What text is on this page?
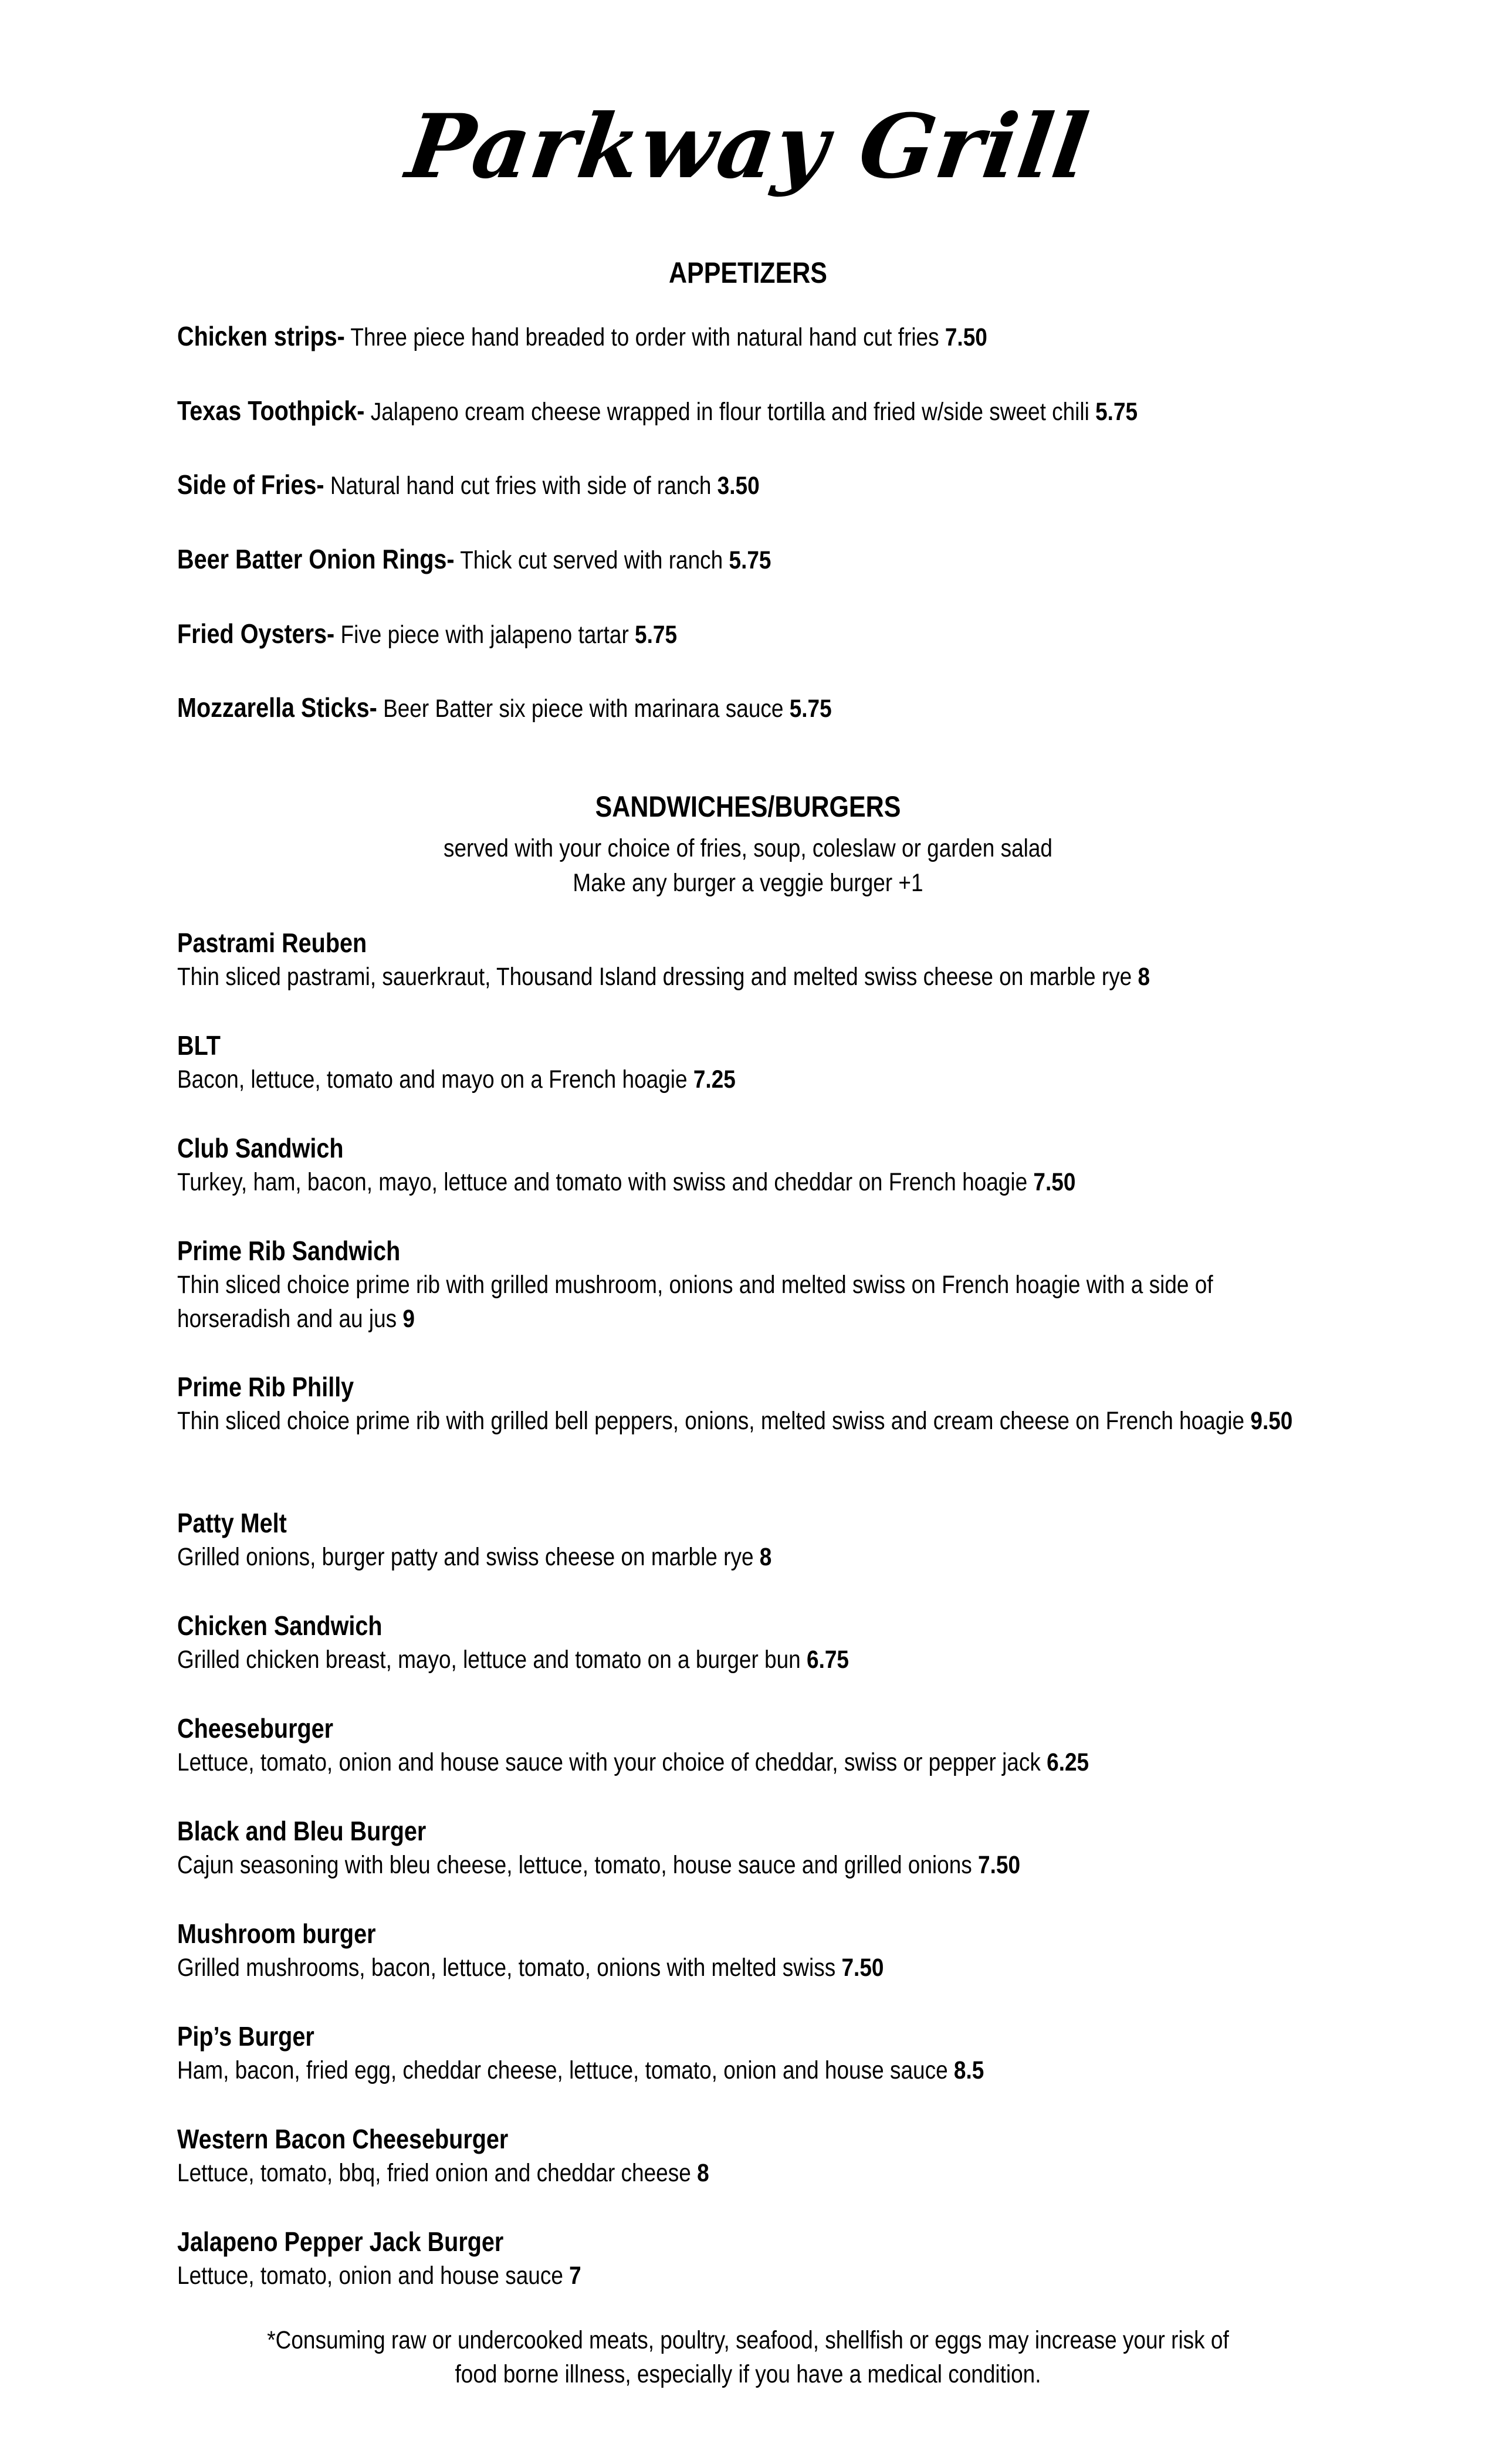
Parkway Grill
APPETIZERS
Chicken strips- Three piece hand breaded to order with natural hand cut fries 7.50
Texas Toothpick- Jalapeno cream cheese wrapped in flour tortilla and fried w/side sweet chili 5.75
Side of Fries- Natural hand cut fries with side of ranch 3.50
Beer Batter Onion Rings- Thick cut served with ranch 5.75
Fried Oysters- Five piece with jalapeno tartar 5.75
Mozzarella Sticks- Beer Batter six piece with marinara sauce 5.75
SANDWICHES/BURGERS
served with your choice of fries, soup, coleslaw or garden salad
Make any burger a veggie burger +1
Pastrami Reuben
Thin sliced pastrami, sauerkraut, Thousand Island dressing and melted swiss cheese on marble rye 8
BLT
Bacon, lettuce, tomato and mayo on a French hoagie 7.25
Club Sandwich
Turkey, ham, bacon, mayo, lettuce and tomato with swiss and cheddar on French hoagie 7.50
Prime Rib Sandwich
Thin sliced choice prime rib with grilled mushroom, onions and melted swiss on French hoagie with a side of horseradish and au jus 9
Prime Rib Philly
Thin sliced choice prime rib with grilled bell peppers, onions, melted swiss and cream cheese on French hoagie 9.50
Patty Melt
Grilled onions, burger patty and swiss cheese on marble rye 8
Chicken Sandwich
Grilled chicken breast, mayo, lettuce and tomato on a burger bun 6.75
Cheeseburger
Lettuce, tomato, onion and house sauce with your choice of cheddar, swiss or pepper jack 6.25
Black and Bleu Burger
Cajun seasoning with bleu cheese, lettuce, tomato, house sauce and grilled onions 7.50
Mushroom burger
Grilled mushrooms, bacon, lettuce, tomato, onions with melted swiss 7.50
Pip’s Burger
Ham, bacon, fried egg, cheddar cheese, lettuce, tomato, onion and house sauce 8.5
Western Bacon Cheeseburger
Lettuce, tomato, bbq, fried onion and cheddar cheese 8
Jalapeno Pepper Jack Burger
Lettuce, tomato, onion and house sauce 7
*Consuming raw or undercooked meats, poultry, seafood, shellfish or eggs may increase your risk of
food borne illness, especially if you have a medical condition.
